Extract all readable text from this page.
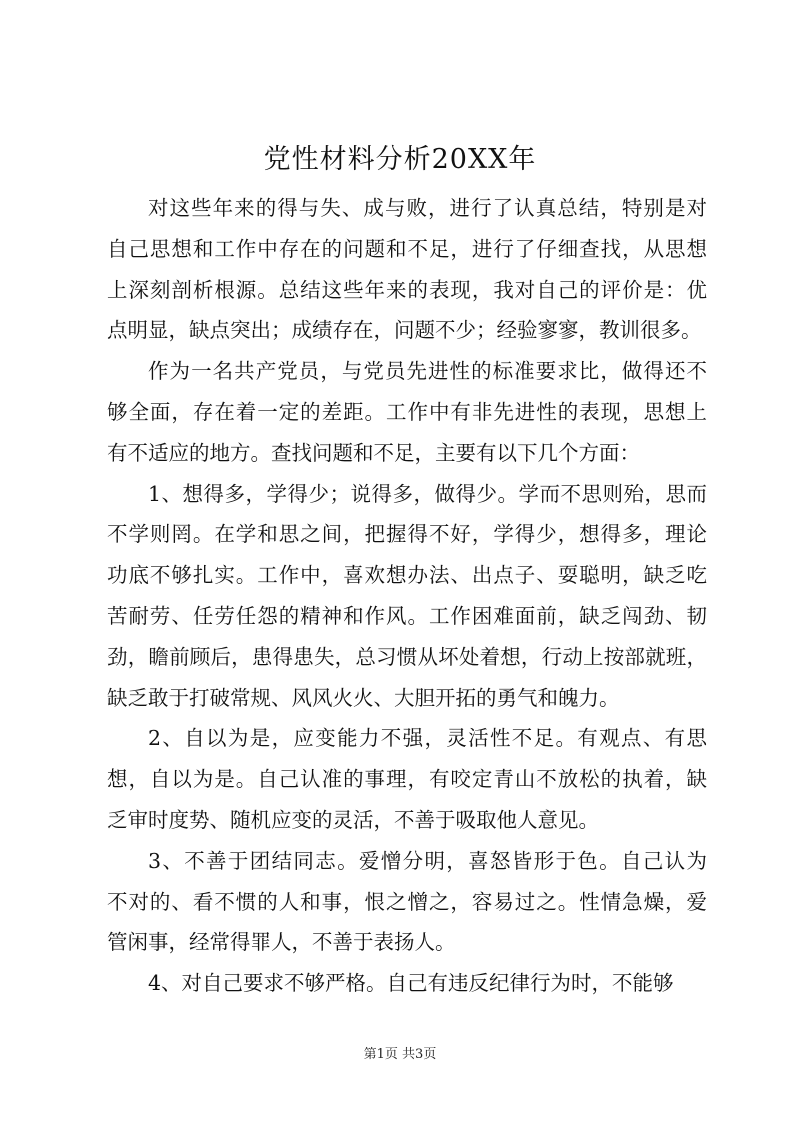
党性材料分析20XX年
对这些年来的得与失、成与败，进行了认真总结，特别是对
自己思想和工作中存在的问题和不足，进行了仔细查找，从思想
上深刻剖析根源。总结这些年来的表现，我对自己的评价是：优
点明显，缺点突出；成绩存在，问题不少；经验寥寥，教训很多。
作为一名共产党员，与党员先进性的标准要求比，做得还不
够全面，存在着一定的差距。工作中有非先进性的表现，思想上
有不适应的地方。查找问题和不足，主要有以下几个方面：
1、想得多，学得少；说得多，做得少。学而不思则殆，思而
不学则罔。在学和思之间，把握得不好，学得少，想得多，理论
功底不够扎实。工作中，喜欢想办法、出点子、耍聪明，缺乏吃
苦耐劳、任劳任怨的精神和作风。工作困难面前，缺乏闯劲、韧
劲，瞻前顾后，患得患失，总习惯从坏处着想，行动上按部就班，
缺乏敢于打破常规、风风火火、大胆开拓的勇气和魄力。
2、自以为是，应变能力不强，灵活性不足。有观点、有思
想，自以为是。自己认准的事理，有咬定青山不放松的执着，缺
乏审时度势、随机应变的灵活，不善于吸取他人意见。
3、不善于团结同志。爱憎分明，喜怒皆形于色。自己认为
不对的、看不惯的人和事，恨之憎之，容易过之。性情急燥，爱
管闲事，经常得罪人，不善于表扬人。
4、对自己要求不够严格。自己有违反纪律行为时，不能够
第1页 共3页
